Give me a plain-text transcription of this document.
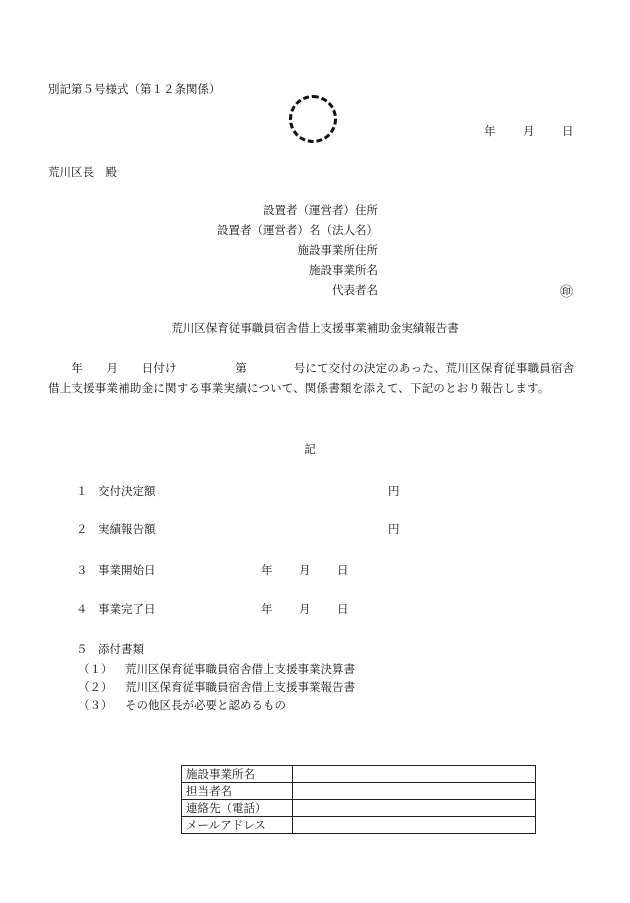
別記第５号様式（第１２条関係）
年 月 日
荒川区長　殿
設置者（運営者）住所
設置者（運営者）名（法人名）
施設事業所住所
施設事業所名
代表者名	㊞
荒川区保育従事職員宿舎借上支援事業補助金実績報告書
　　年　　月　　日付け　　　　　第　　　　号にて交付の決定のあった、荒川区保育従事職員宿舎借上支援事業補助金に関する事業実績について、関係書類を添えて、下記のとおり報告します。
記
１ 交付決定額	円
２ 実績報告額	円
３ 事業開始日	年 月 日
４ 事業完了日	年 月 日
５ 添付書類
（１） 荒川区保育従事職員宿舎借上支援事業決算書
（２） 荒川区保育従事職員宿舎借上支援事業報告書
（３） その他区長が必要と認めるもの
施設事業所名	
担当者名	
連絡先（電話）	
メールアドレス	
